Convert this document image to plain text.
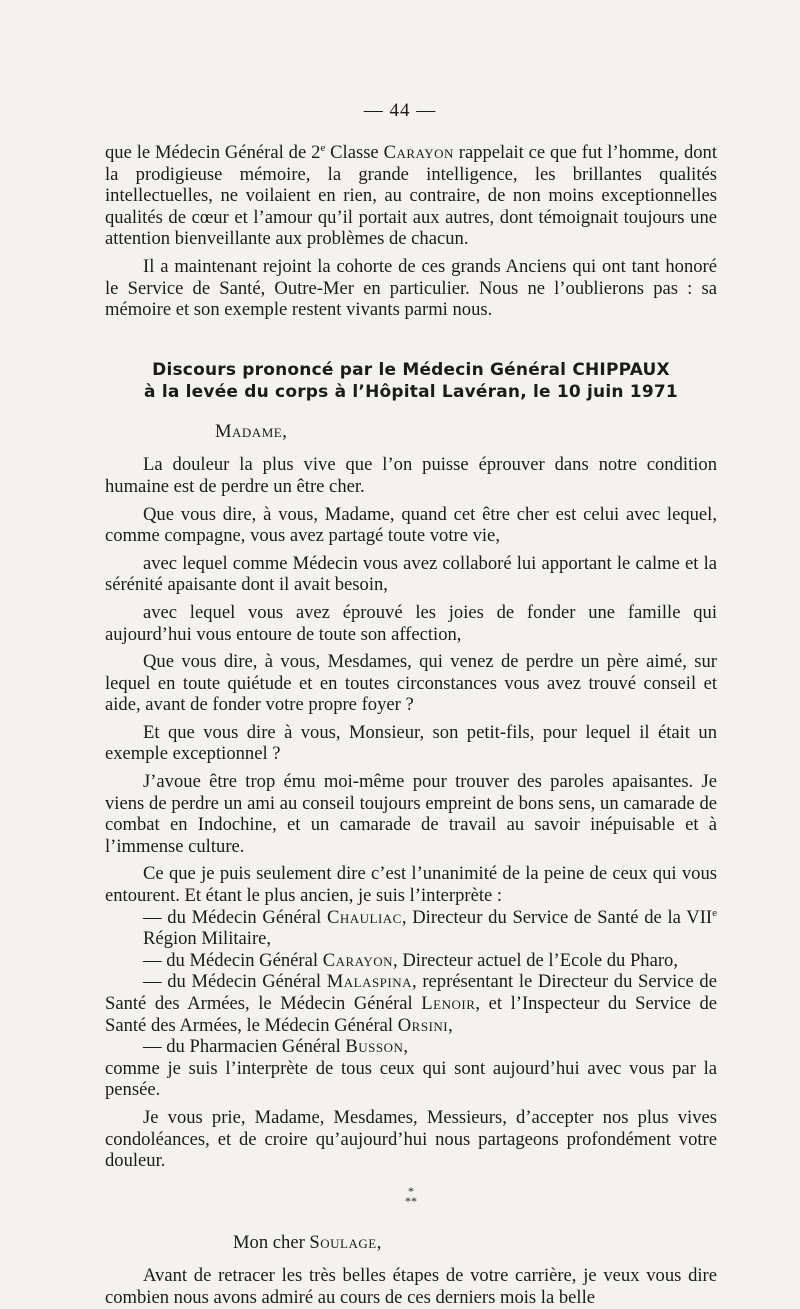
— 44 —

que le Médecin Général de 2e Classe Carayon rappelait ce que fut l’homme, dont la prodigieuse mémoire, la grande intelligence, les brillantes qualités intellectuelles, ne voilaient en rien, au contraire, de non moins exceptionnelles qualités de cœur et l’amour qu’il portait aux autres, dont témoignait toujours une attention bienveillante aux problèmes de chacun.

Il a maintenant rejoint la cohorte de ces grands Anciens qui ont tant honoré le Service de Santé, Outre-Mer en particulier. Nous ne l’oublierons pas : sa mémoire et son exemple restent vivants parmi nous.

Discours prononcé par le Médecin Général CHIPPAUX

à la levée du corps à l’Hôpital Lavéran, le 10 juin 1971

Madame,

La douleur la plus vive que l’on puisse éprouver dans notre condition humaine est de perdre un être cher.

Que vous dire, à vous, Madame, quand cet être cher est celui avec lequel, comme compagne, vous avez partagé toute votre vie,

avec lequel comme Médecin vous avez collaboré lui apportant le calme et la sérénité apaisante dont il avait besoin,

avec lequel vous avez éprouvé les joies de fonder une famille qui aujourd’hui vous entoure de toute son affection,

Que vous dire, à vous, Mesdames, qui venez de perdre un père aimé, sur lequel en toute quiétude et en toutes circonstances vous avez trouvé conseil et aide, avant de fonder votre propre foyer ?

Et que vous dire à vous, Monsieur, son petit-fils, pour lequel il était un exemple exceptionnel ?

J’avoue être trop ému moi-même pour trouver des paroles apaisantes. Je viens de perdre un ami au conseil toujours empreint de bons sens, un camarade de combat en Indochine, et un camarade de travail au savoir inépuisable et à l’immense culture.

Ce que je puis seulement dire c’est l’unanimité de la peine de ceux qui vous entourent. Et étant le plus ancien, je suis l’interprète :

— du Médecin Général Chauliac, Directeur du Service de Santé de la VIIe Région Militaire,

— du Médecin Général Carayon, Directeur actuel de l’Ecole du Pharo,

— du Médecin Général Malaspina, représentant le Directeur du Service de Santé des Armées, le Médecin Général Lenoir, et l’Inspecteur du Service de Santé des Armées, le Médecin Général Orsini,

— du Pharmacien Général Busson,

comme je suis l’interprète de tous ceux qui sont aujourd’hui avec vous par la pensée.

Je vous prie, Madame, Mesdames, Messieurs, d’accepter nos plus vives condoléances, et de croire qu’aujourd’hui nous partageons profondément votre douleur.

*

**

Mon cher Soulage,

Avant de retracer les très belles étapes de votre carrière, je veux vous dire combien nous avons admiré au cours de ces derniers mois la belle
